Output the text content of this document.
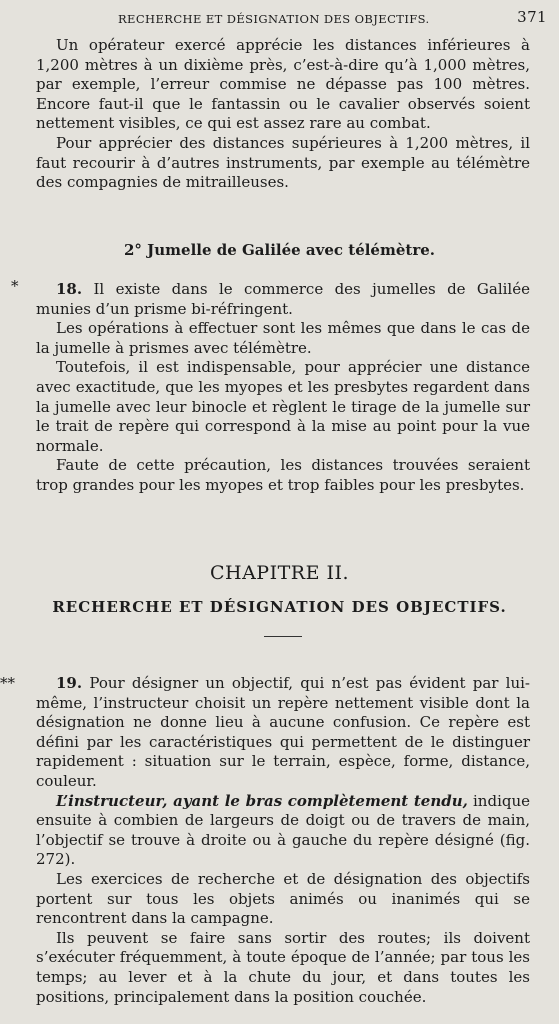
RECHERCHE ET DÉSIGNATION DES OBJECTIFS.	371

Un opérateur exercé apprécie les distances inférieures à 1,200 mètres à un dixième près, c’est-à-dire qu’à 1,000 mètres, par exemple, l’erreur commise ne dépasse pas 100 mètres. Encore faut-il que le fantassin ou le cavalier observés soient nettement visibles, ce qui est assez rare au combat.

Pour apprécier des distances supérieures à 1,200 mètres, il faut recourir à d’autres instruments, par exemple au télémètre des compagnies de mitrailleuses.

2° Jumelle de Galilée avec télémètre.
*	18. Il existe dans le commerce des jumelles de Galilée munies d’un prisme bi-réfringent.

Les opérations à effectuer sont les mêmes que dans le cas de la jumelle à prismes avec télémètre.

Toutefois, il est indispensable, pour apprécier une distance avec exactitude, que les myopes et les presbytes regardent dans la jumelle avec leur binocle et règlent le tirage de la jumelle sur le trait de repère qui correspond à la mise au point pour la vue normale.

Faute de cette précaution, les distances trouvées seraient trop grandes pour les myopes et trop faibles pour les presbytes.

CHAPITRE II.
RECHERCHE ET DÉSIGNATION DES OBJECTIFS.
**	19. Pour désigner un objectif, qui n’est pas évident par lui-même, l’instructeur choisit un repère nettement visible dont la désignation ne donne lieu à aucune confusion. Ce repère est défini par les caractéristiques qui permettent de le distinguer rapidement : situation sur le terrain, espèce, forme, distance, couleur.

L’instructeur, ayant le bras complètement tendu, indique ensuite à combien de largeurs de doigt ou de travers de main, l’objectif se trouve à droite ou à gauche du repère désigné (fig. 272).

Les exercices de recherche et de désignation des objectifs portent sur tous les objets animés ou inanimés qui se rencontrent dans la campagne.

Ils peuvent se faire sans sortir des routes; ils doivent s’exécuter fréquemment, à toute époque de l’année; par tous les temps; au lever et à la chute du jour, et dans toutes les positions, principalement dans la position couchée.
